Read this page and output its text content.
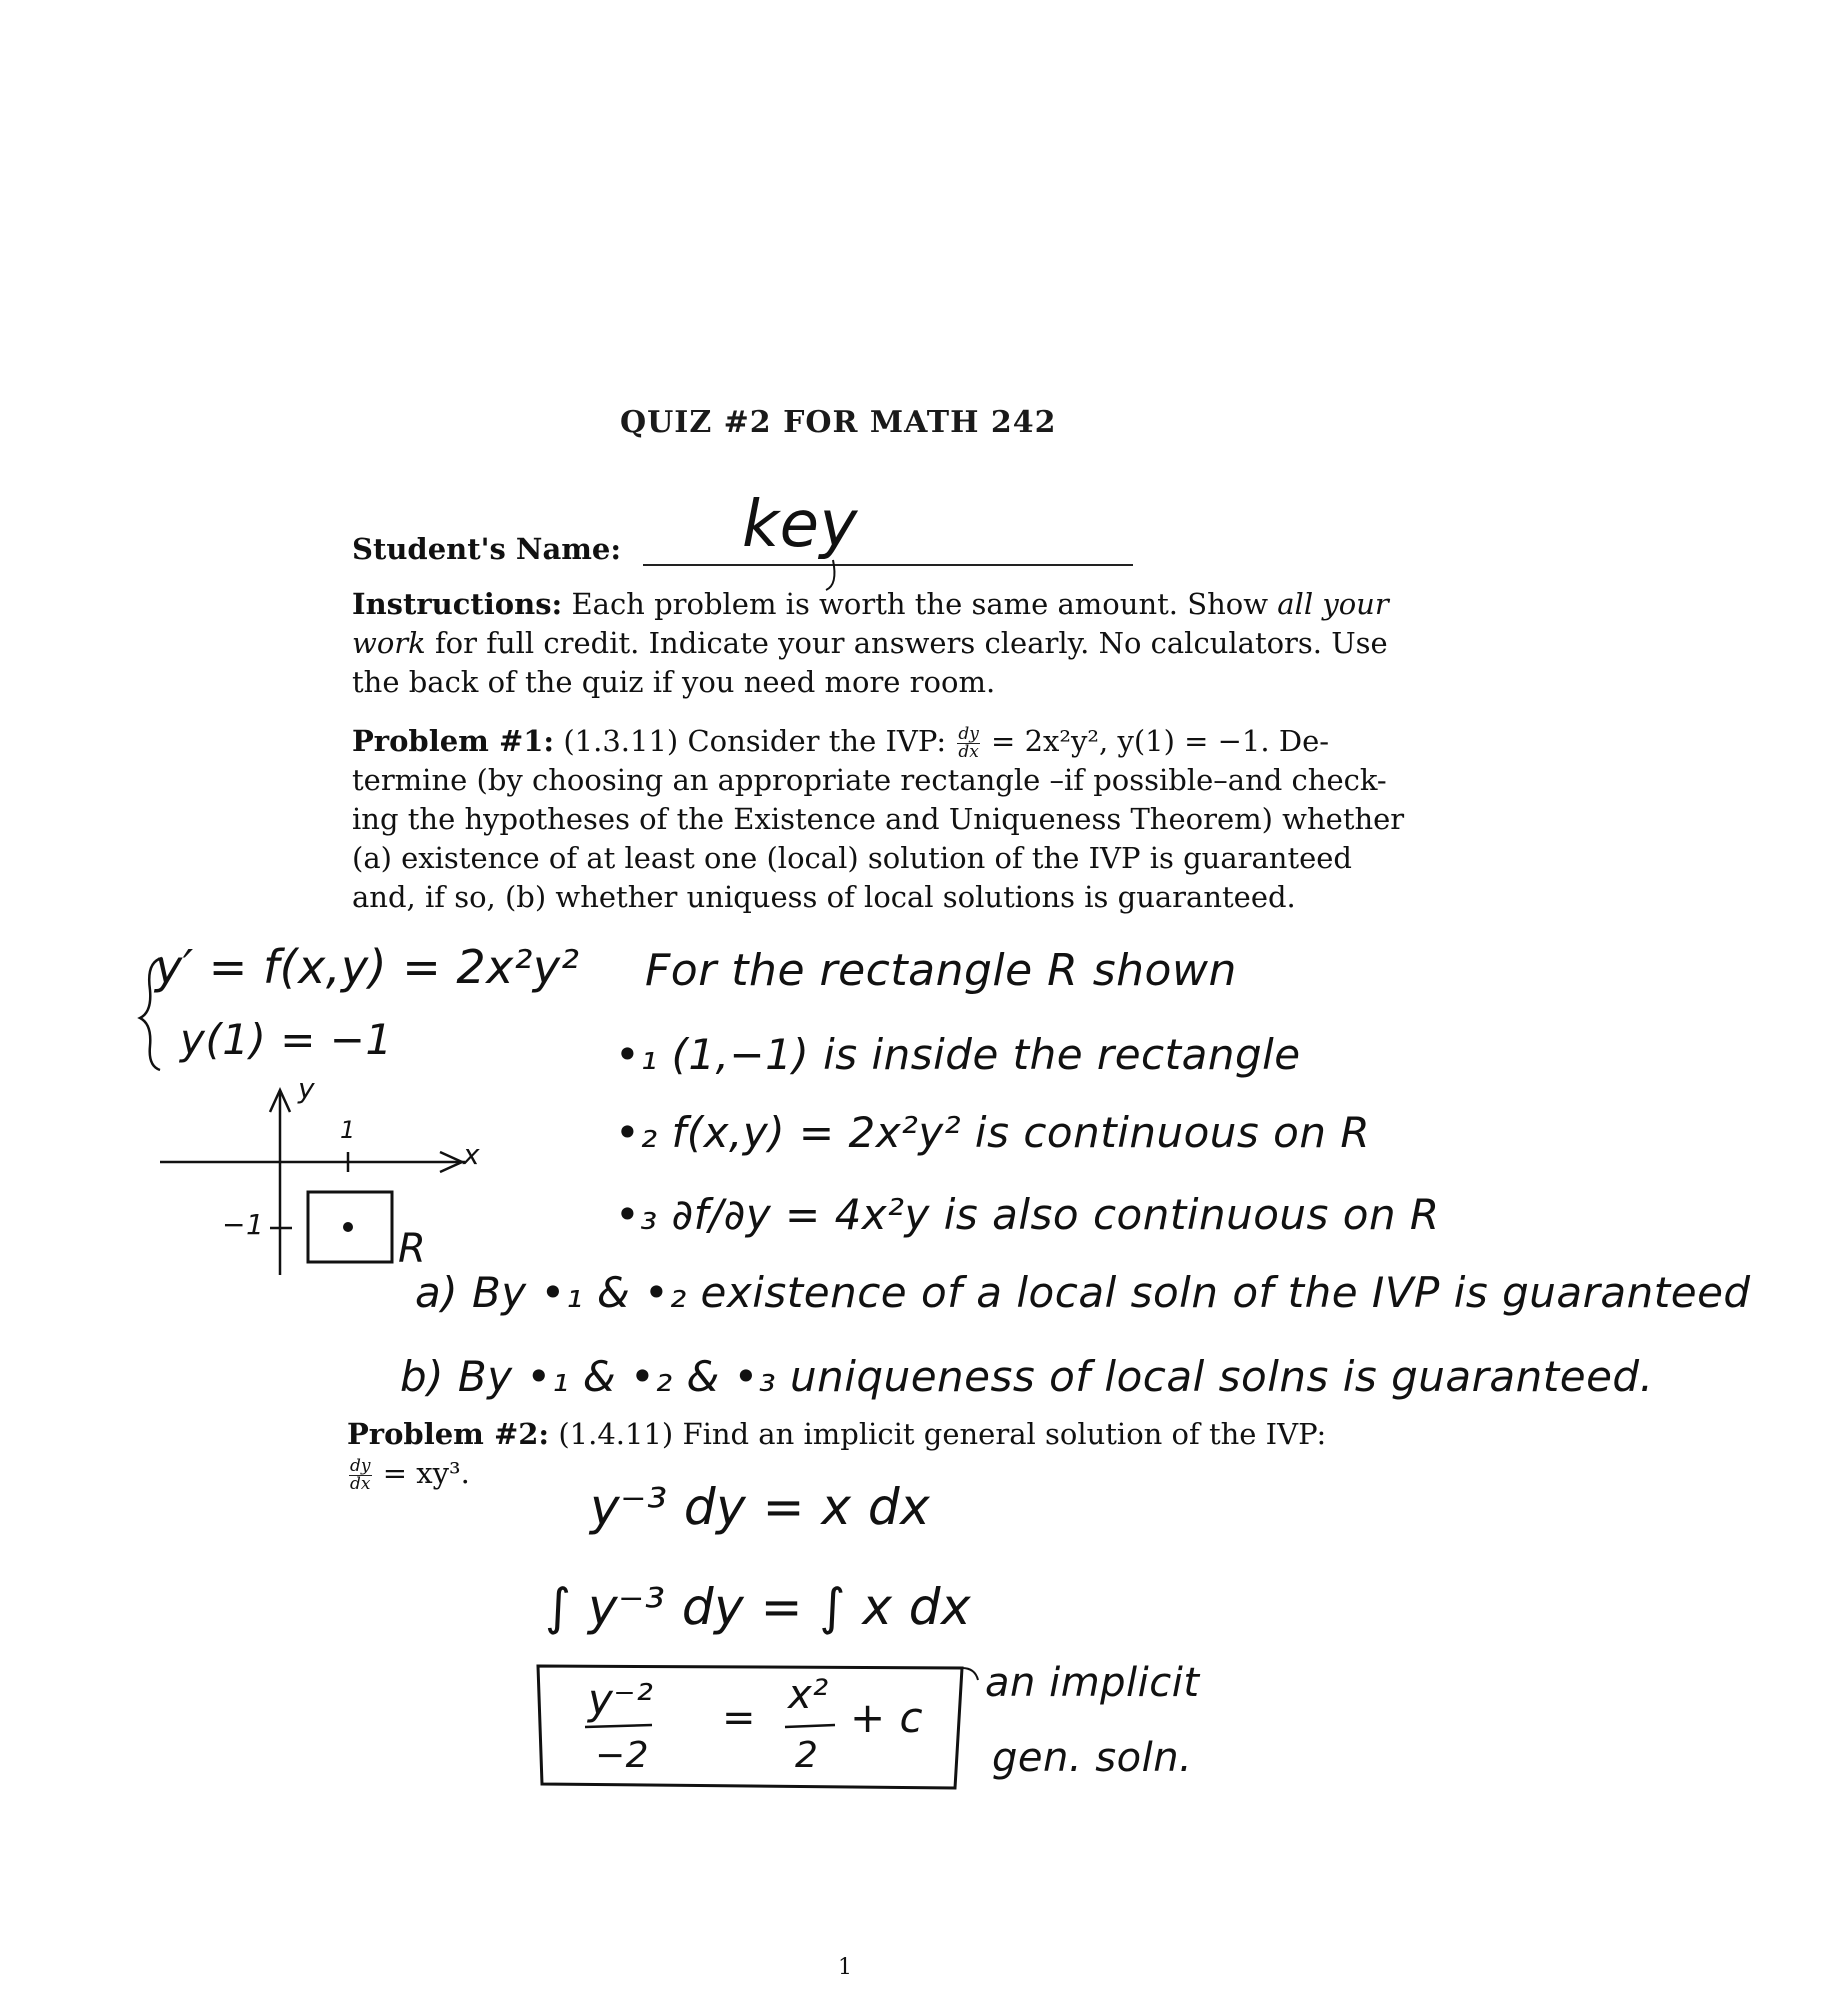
QUIZ #2 FOR MATH 242
Student's Name: key
Instructions: Each problem is worth the same amount. Show all your
work for full credit. Indicate your answers clearly. No calculators. Use
the back of the quiz if you need more room.
Problem #1: (1.3.11) Consider the IVP: $\frac{dy}{dx} = 2x^2y^2$, y(1) = −1. De-
termine (by choosing an appropriate rectangle –if possible–and check-
ing the hypotheses of the Existence and Uniqueness Theorem) whether
(a) existence of at least one (local) solution of the IVP is guaranteed
and, if so, (b) whether uniquess of local solutions is guaranteed.
y′ = f(x,y) = 2x²y²
y(1) = −1
y
x
1
−1
R
For the rectangle R shown
•₁ (1,−1) is inside the rectangle
•₂ f(x,y) = 2x²y² is continuous on R
•₃ ∂f/∂y = 4x²y is also continuous on R
a) By •₁ & •₂ existence of a local soln of the IVP is guaranteed
b) By •₁ & •₂ & •₃ uniqueness of local solns is guaranteed.
Problem #2: (1.4.11) Find an implicit general solution of the IVP:
$\frac{dy}{dx} = xy^3$.
y⁻³ dy = x dx
∫ y⁻³ dy = ∫ x dx
y⁻²
−2
= x²
2
+ c
an implicit
gen. soln.
1
